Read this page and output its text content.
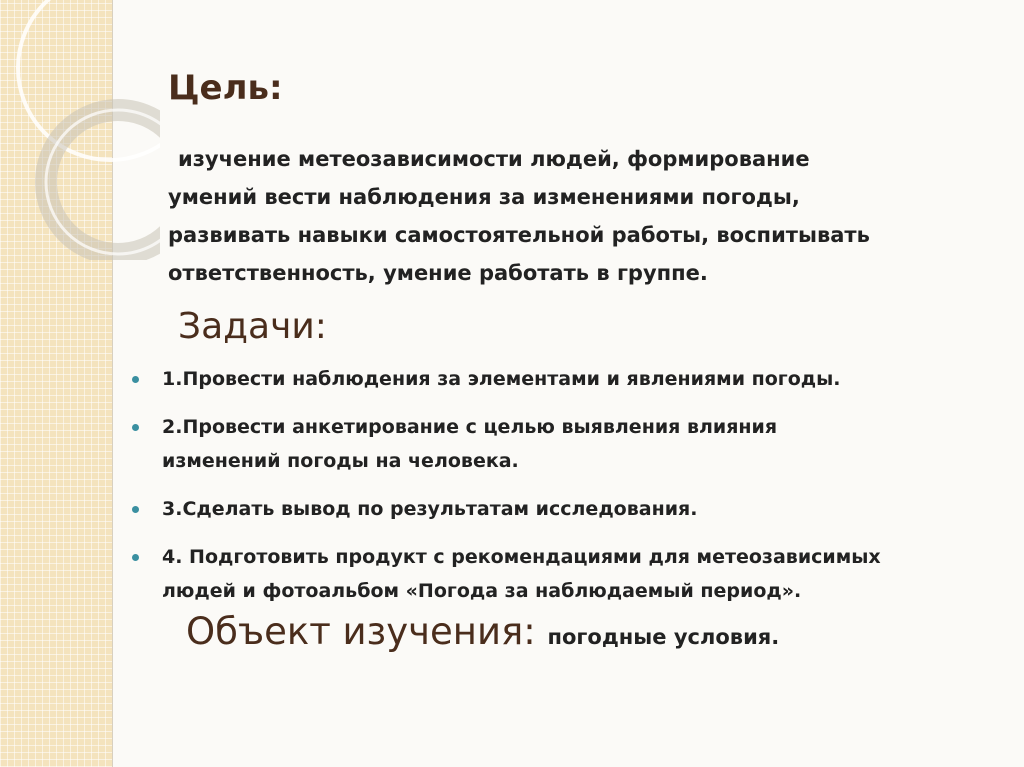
Цель:
изучение метеозависимости людей, формирование
умений вести наблюдения за изменениями погоды,
развивать навыки самостоятельной работы, воспитывать
ответственность, умение работать в группе.
Задачи:
1.Провести наблюдения за элементами и явлениями погоды.
2.Провести анкетирование с целью выявления влияния
изменений погоды на человека.
3.Сделать вывод по результатам исследования.
4. Подготовить продукт с рекомендациями для метеозависимых
людей и фотоальбом «Погода за наблюдаемый период».
Объект изучения: погодные условия.
